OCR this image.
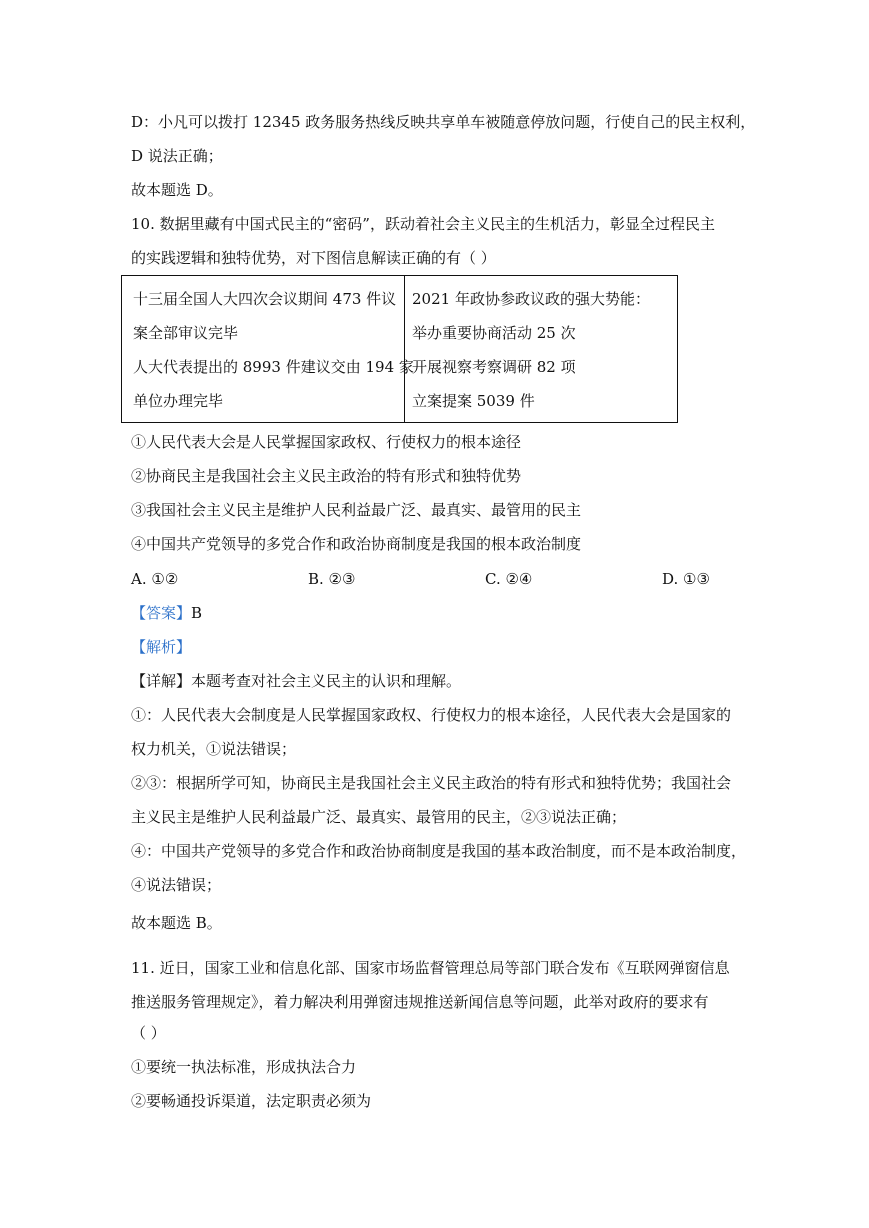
D：小凡可以拨打 12345 政务服务热线反映共享单车被随意停放问题，行使自己的民主权利，
D 说法正确；
故本题选 D。
10. 数据里藏有中国式民主的“密码”，跃动着社会主义民主的生机活力，彰显全过程民主
的实践逻辑和独特优势，对下图信息解读正确的有（ ）
十三届全国人大四次会议期间 473 件议
案全部审议完毕
人大代表提出的 8993 件建议交由 194 家
单位办理完毕
2021 年政协参政议政的强大势能：
举办重要协商活动 25 次
开展视察考察调研 82 项
立案提案 5039 件
①人民代表大会是人民掌握国家政权、行使权力的根本途径
②协商民主是我国社会主义民主政治的特有形式和独特优势
③我国社会主义民主是维护人民利益最广泛、最真实、最管用的民主
④中国共产党领导的多党合作和政治协商制度是我国的根本政治制度
A. ①②	B. ②③	C. ②④	D. ①③
【答案】B
【解析】
【详解】本题考查对社会主义民主的认识和理解。
①：人民代表大会制度是人民掌握国家政权、行使权力的根本途径，人民代表大会是国家的
权力机关，①说法错误；
②③：根据所学可知，协商民主是我国社会主义民主政治的特有形式和独特优势；我国社会
主义民主是维护人民利益最广泛、最真实、最管用的民主，②③说法正确；
④：中国共产党领导的多党合作和政治协商制度是我国的基本政治制度，而不是本政治制度，
④说法错误；
故本题选 B。
11. 近日，国家工业和信息化部、国家市场监督管理总局等部门联合发布《互联网弹窗信息
推送服务管理规定》，着力解决利用弹窗违规推送新闻信息等问题，此举对政府的要求有
（ ）
①要统一执法标准，形成执法合力
②要畅通投诉渠道，法定职责必须为
